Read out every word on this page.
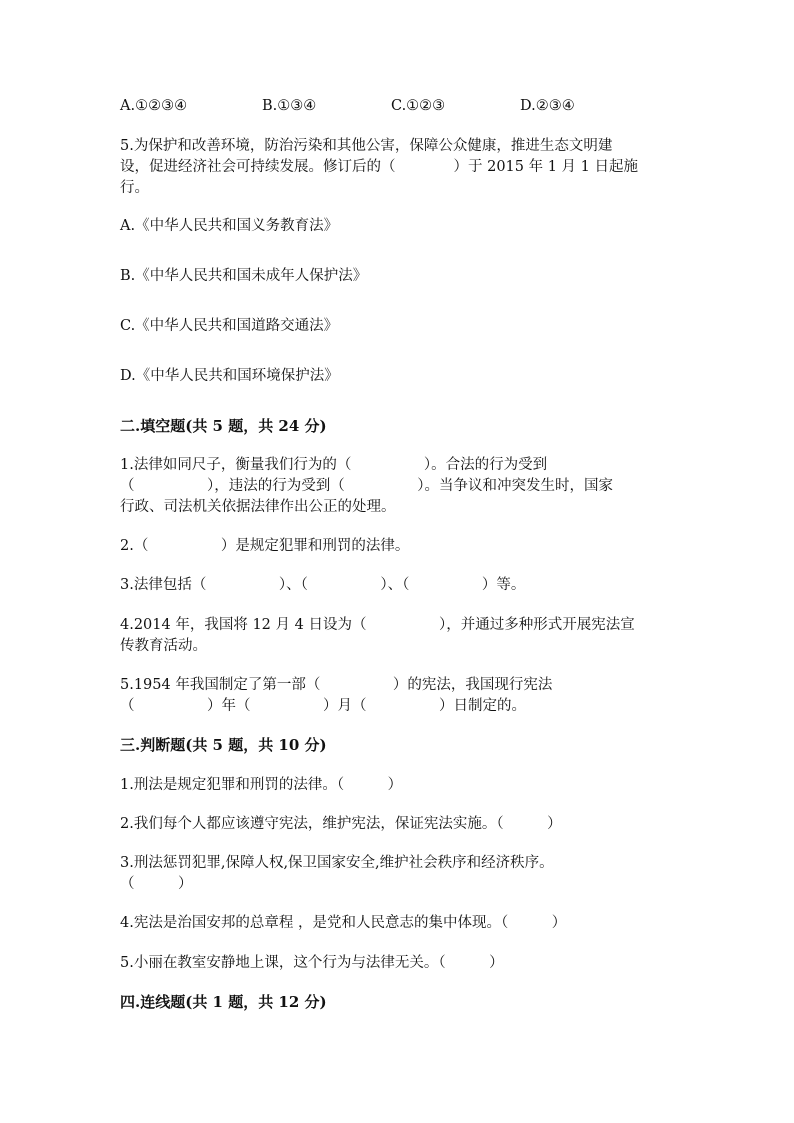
A.①②③④	B.①③④	C.①②③	D.②③④
5.为保护和改善环境，防治污染和其他公害，保障公众健康，推进生态文明建
设，促进经济社会可持续发展。修订后的（　　　　）于 2015 年 1 月 1 日起施
行。
A.《中华人民共和国义务教育法》
B.《中华人民共和国未成年人保护法》
C.《中华人民共和国道路交通法》
D.《中华人民共和国环境保护法》
二.填空题(共 5 题，共 24 分)
1.法律如同尺子，衡量我们行为的（　　　　　）。合法的行为受到
（　　　　　），违法的行为受到（　　　　　）。当争议和冲突发生时，国家
行政、司法机关依据法律作出公正的处理。
2.（　　　　　）是规定犯罪和刑罚的法律。
3.法律包括（　　　　　）、（　　　　　）、（　　　　　）等。
4.2014 年，我国将 12 月 4 日设为（　　　　　），并通过多种形式开展宪法宣
传教育活动。
5.1954 年我国制定了第一部（　　　　　）的宪法，我国现行宪法
（　　　　　）年（　　　　　）月（　　　　　）日制定的。
三.判断题(共 5 题，共 10 分)
1.刑法是规定犯罪和刑罚的法律。（　　　）
2.我们每个人都应该遵守宪法，维护宪法，保证宪法实施。（　　　）
3.刑法惩罚犯罪,保障人权,保卫国家安全,维护社会秩序和经济秩序。
（　　　）
4.宪法是治国安邦的总章程 ，是党和人民意志的集中体现。（　　　）
5.小丽在教室安静地上课，这个行为与法律无关。（　　　）
四.连线题(共 1 题，共 12 分)
